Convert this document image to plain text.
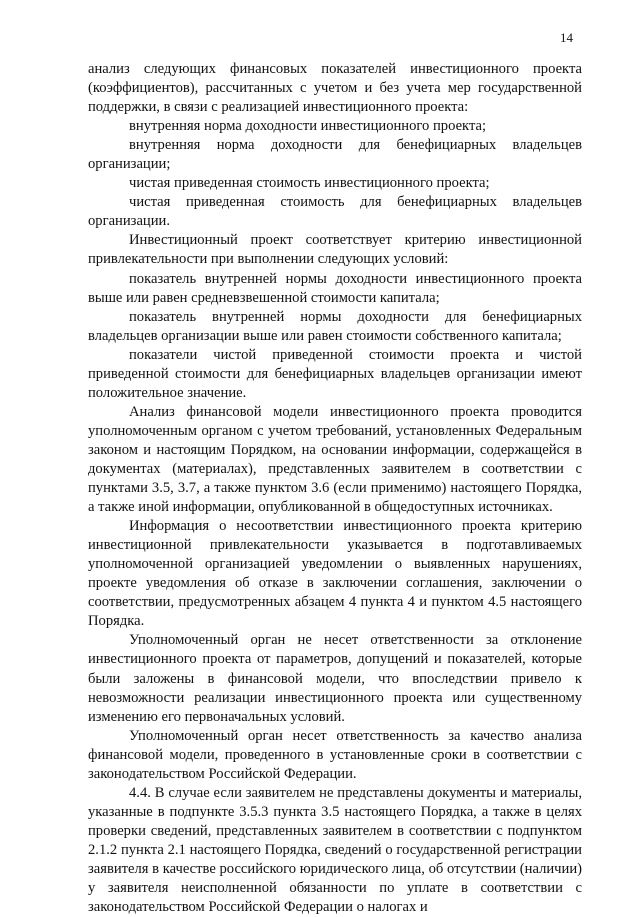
14

анализ следующих финансовых показателей инвестиционного проекта (коэффициентов), рассчитанных с учетом и без учета мер государственной поддержки, в связи с реализацией инвестиционного проекта:

внутренняя норма доходности инвестиционного проекта;

внутренняя норма доходности для бенефициарных владельцев организации;

чистая приведенная стоимость инвестиционного проекта;

чистая приведенная стоимость для бенефициарных владельцев организации.

Инвестиционный проект соответствует критерию инвестиционной привлекательности при выполнении следующих условий:

показатель внутренней нормы доходности инвестиционного проекта выше или равен средневзвешенной стоимости капитала;

показатель внутренней нормы доходности для бенефициарных владельцев организации выше или равен стоимости собственного капитала;

показатели чистой приведенной стоимости проекта и чистой приведенной стоимости для бенефициарных владельцев организации имеют положительное значение.

Анализ финансовой модели инвестиционного проекта проводится уполномоченным органом с учетом требований, установленных Федеральным законом и настоящим Порядком, на основании информации, содержащейся в документах (материалах), представленных заявителем в соответствии с пунктами 3.5, 3.7, а также пунктом 3.6 (если применимо) настоящего Порядка, а также иной информации, опубликованной в общедоступных источниках.

Информация о несоответствии инвестиционного проекта критерию инвестиционной привлекательности указывается в подготавливаемых уполномоченной организацией уведомлении о выявленных нарушениях, проекте уведомления об отказе в заключении соглашения, заключении о соответствии, предусмотренных абзацем 4 пункта 4 и пунктом 4.5 настоящего Порядка.

Уполномоченный орган не несет ответственности за отклонение инвестиционного проекта от параметров, допущений и показателей, которые были заложены в финансовой модели, что впоследствии привело к невозможности реализации инвестиционного проекта или существенному изменению его первоначальных условий.

Уполномоченный орган несет ответственность за качество анализа финансовой модели, проведенного в установленные сроки в соответствии с законодательством Российской Федерации.

4.4. В случае если заявителем не представлены документы и материалы, указанные в подпункте 3.5.3 пункта 3.5 настоящего Порядка, а также в целях проверки сведений, представленных заявителем в соответствии с подпунктом 2.1.2 пункта 2.1 настоящего Порядка, сведений о государственной регистрации заявителя в качестве российского юридического лица, об отсутствии (наличии) у заявителя неисполненной обязанности по уплате в соответствии с законодательством Российской Федерации о налогах и
